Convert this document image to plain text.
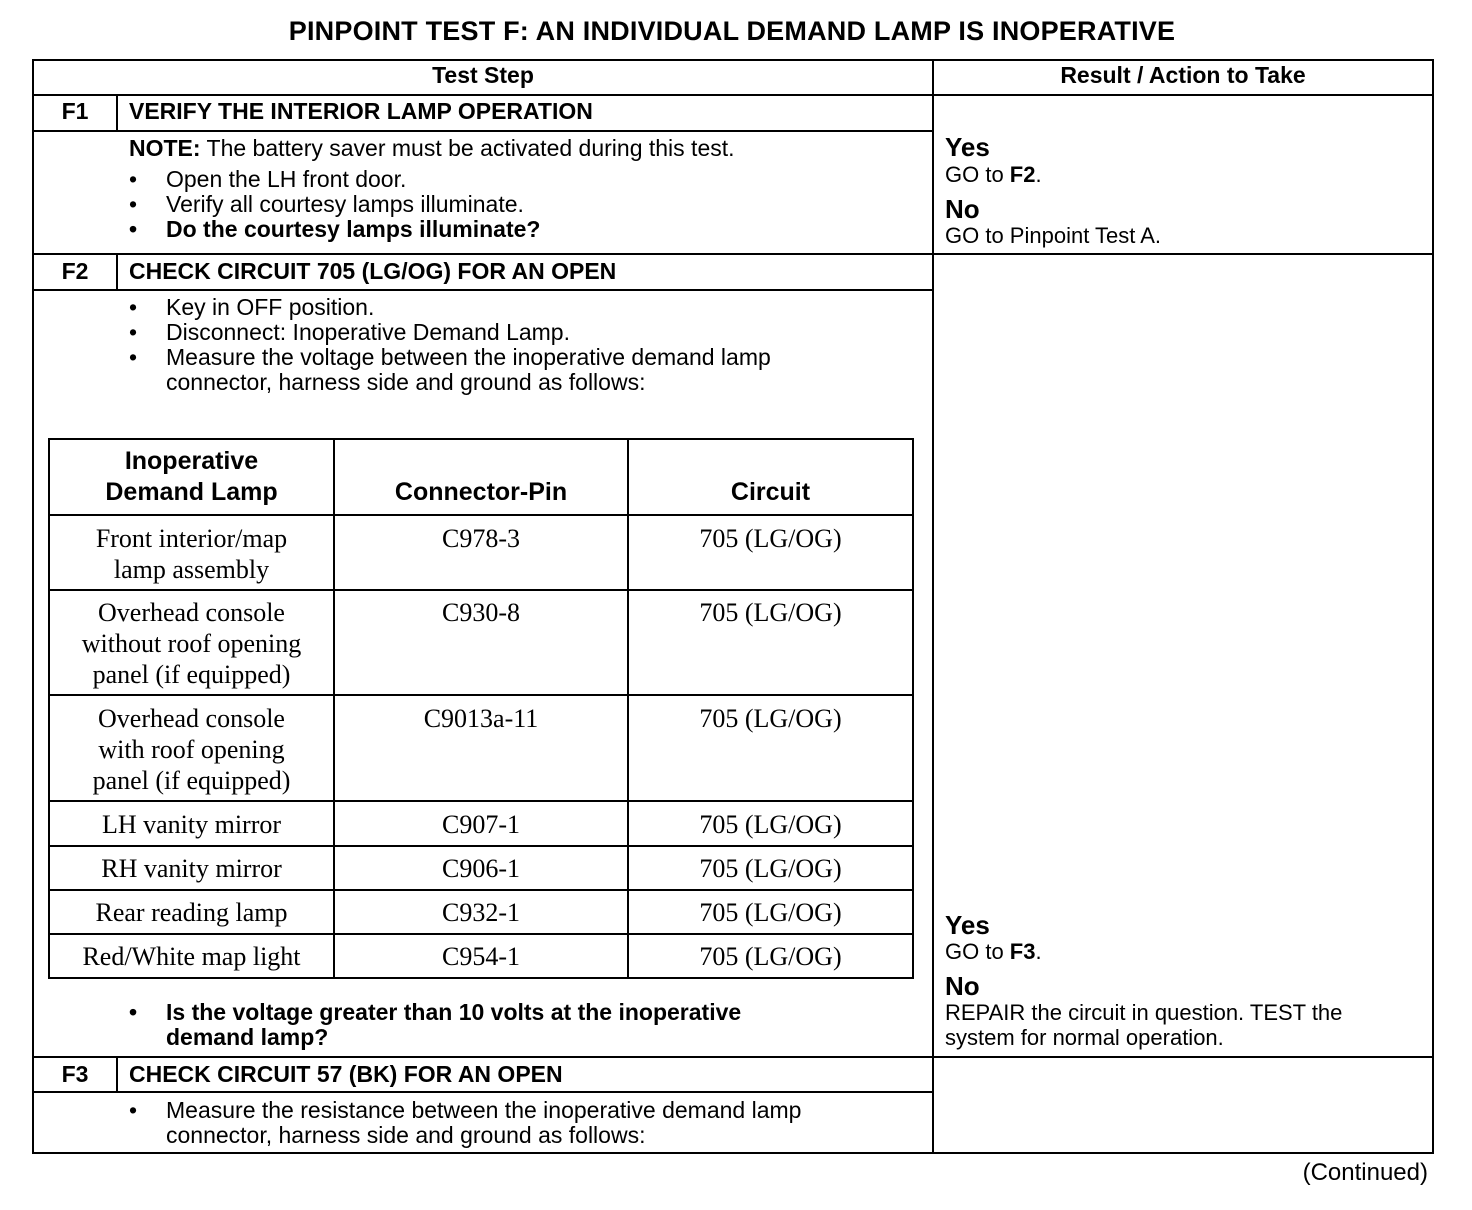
PINPOINT TEST F: AN INDIVIDUAL DEMAND LAMP IS INOPERATIVE
Test Step	Result / Action to Take
F1	VERIFY THE INTERIOR LAMP OPERATION
NOTE: The battery saver must be activated during this test.
• Open the LH front door.
• Verify all courtesy lamps illuminate.
• Do the courtesy lamps illuminate?
Yes
GO to F2.
No
GO to Pinpoint Test A.
F2	CHECK CIRCUIT 705 (LG/OG) FOR AN OPEN
• Key in OFF position.
• Disconnect: Inoperative Demand Lamp.
• Measure the voltage between the inoperative demand lamp
connector, harness side and ground as follows:
Inoperative
Demand Lamp	Connector-Pin	Circuit
Front interior/map
lamp assembly
C978-3	705 (LG/OG)
Overhead console
without roof opening
panel (if equipped)
C930-8	705 (LG/OG)
Overhead console
with roof opening
panel (if equipped)
C9013a-11	705 (LG/OG)
LH vanity mirror	C907-1	705 (LG/OG)
RH vanity mirror	C906-1	705 (LG/OG)
Rear reading lamp	C932-1	705 (LG/OG)
Red/White map light	C954-1	705 (LG/OG)
• Is the voltage greater than 10 volts at the inoperative
demand lamp?
Yes
GO to F3.
No
REPAIR the circuit in question. TEST the
system for normal operation.
F3	CHECK CIRCUIT 57 (BK) FOR AN OPEN
• Measure the resistance between the inoperative demand lamp
connector, harness side and ground as follows:
(Continued)
